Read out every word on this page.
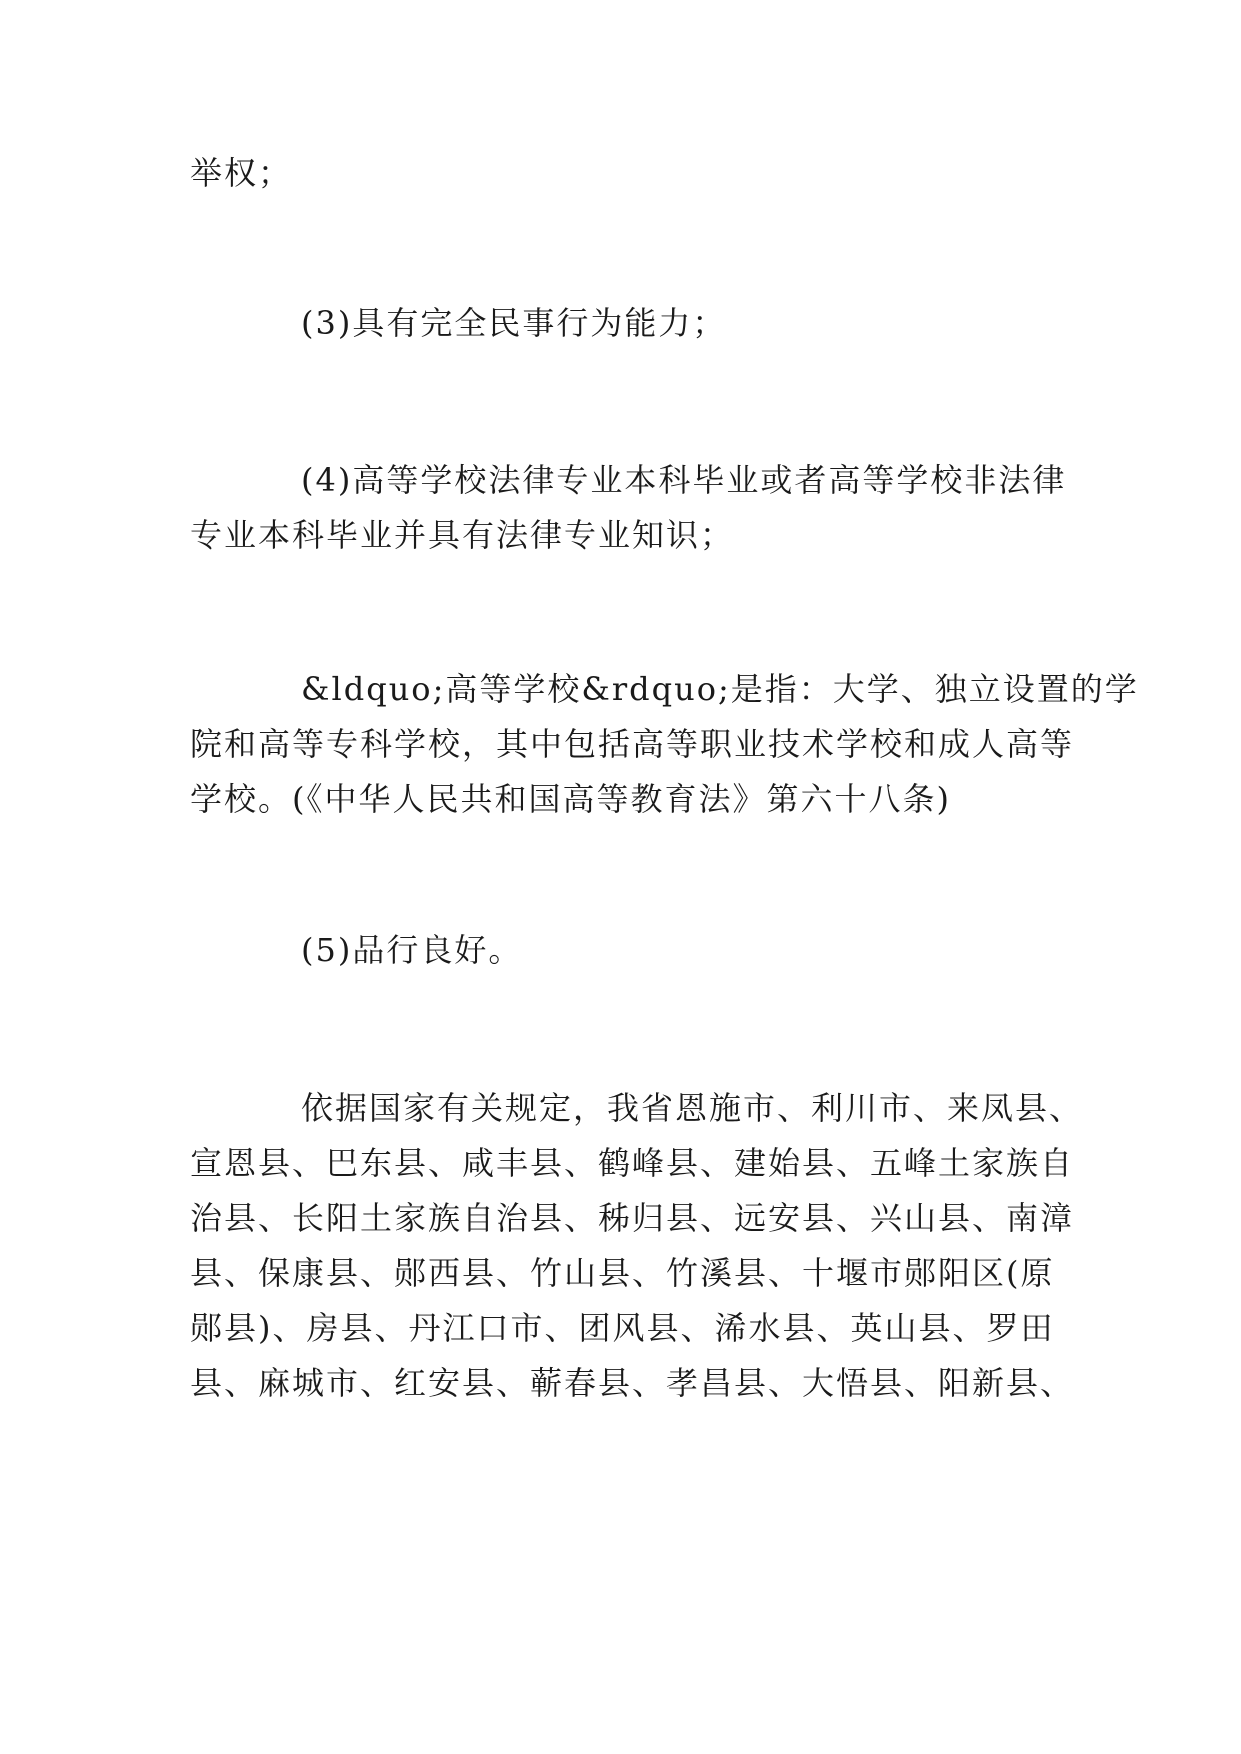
举权；

(3)具有完全民事行为能力；

(4)高等学校法律专业本科毕业或者高等学校非法律
专业本科毕业并具有法律专业知识；

&ldquo;高等学校&rdquo;是指：大学、独立设置的学
院和高等专科学校，其中包括高等职业技术学校和成人高等
学校。(《中华人民共和国高等教育法》第六十八条)

(5)品行良好。

依据国家有关规定，我省恩施市、利川市、来凤县、
宣恩县、巴东县、咸丰县、鹤峰县、建始县、五峰土家族自
治县、长阳土家族自治县、秭归县、远安县、兴山县、南漳
县、保康县、郧西县、竹山县、竹溪县、十堰市郧阳区(原
郧县)、房县、丹江口市、团风县、浠水县、英山县、罗田
县、麻城市、红安县、蕲春县、孝昌县、大悟县、阳新县、
